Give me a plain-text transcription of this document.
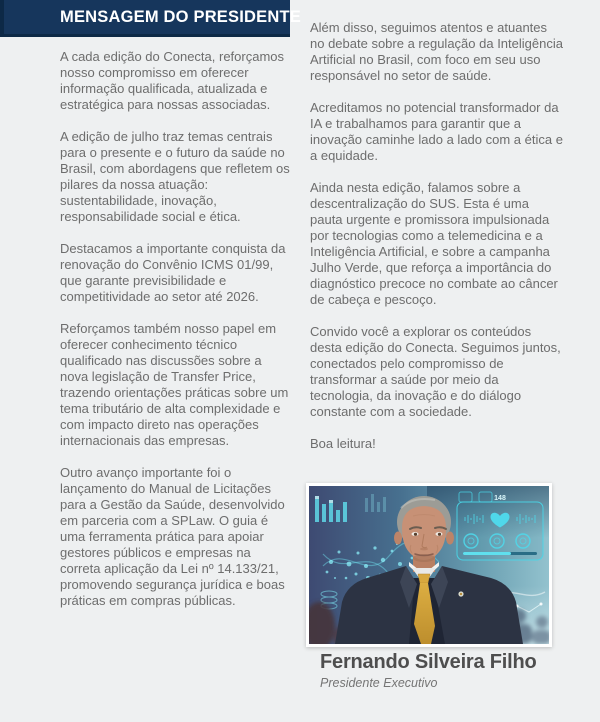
MENSAGEM DO PRESIDENTE

A cada edição do Conecta, reforçamos nosso compromisso em oferecer informação qualificada, atualizada e estratégica para nossas associadas.

A edição de julho traz temas centrais para o presente e o futuro da saúde no Brasil, com abordagens que refletem os pilares da nossa atuação: sustentabilidade, inovação, responsabilidade social e ética.

Destacamos a importante conquista da renovação do Convênio ICMS 01/99, que garante previsibilidade e competitividade ao setor até 2026.

Reforçamos também nosso papel em oferecer conhecimento técnico qualificado nas discussões sobre a nova legislação de Transfer Price, trazendo orientações práticas sobre um tema tributário de alta complexidade e com impacto direto nas operações internacionais das empresas.

Outro avanço importante foi o lançamento do Manual de Licitações para a Gestão da Saúde, desenvolvido em parceria com a SPLaw. O guia é uma ferramenta prática para apoiar gestores públicos e empresas na correta aplicação da Lei nº 14.133/21, promovendo segurança jurídica e boas práticas em compras públicas.

Além disso, seguimos atentos e atuantes no debate sobre a regulação da Inteligência Artificial no Brasil, com foco em seu uso responsável no setor de saúde.

Acreditamos no potencial transformador da IA e trabalhamos para garantir que a inovação caminhe lado a lado com a ética e a equidade.

Ainda nesta edição, falamos sobre a descentralização do SUS. Esta é uma pauta urgente e promissora impulsionada por tecnologias como a telemedicina e a Inteligência Artificial, e sobre a campanha Julho Verde, que reforça a importância do diagnóstico precoce no combate ao câncer de cabeça e pescoço.

Convido você a explorar os conteúdos desta edição do Conecta. Seguimos juntos, conectados pelo compromisso de transformar a saúde por meio da tecnologia, da inovação e do diálogo constante com a sociedade.

Boa leitura!

148
Fernando Silveira Filho
Presidente Executivo
